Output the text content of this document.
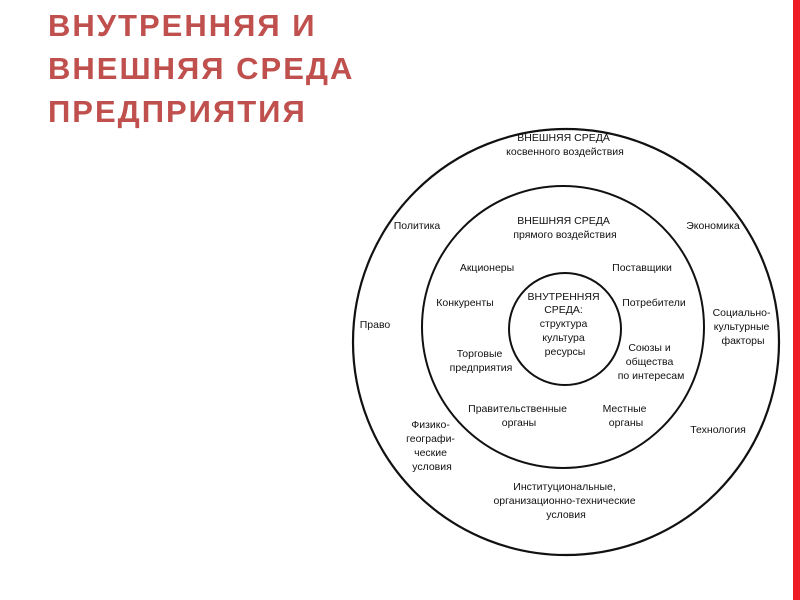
ВНУТРЕННЯЯ И
ВНЕШНЯЯ СРЕДА
ПРЕДПРИЯТИЯ
ВНЕШНЯЯ СРЕДА косвенного воздействия
Политика	Экономика
Право
Социально- культурные факторы
Технология
Физико- географи- ческие условия
Институциональные, организационно-технические условия
ВНЕШНЯЯ СРЕДА прямого воздействия
Акционеры	Поставщики
Конкуренты	Потребители
Торговые предприятия
Союзы и общества по интересам
Правительственные органы
Местные органы
ВНУТРЕННЯЯ СРЕДА: структура культура ресурсы
